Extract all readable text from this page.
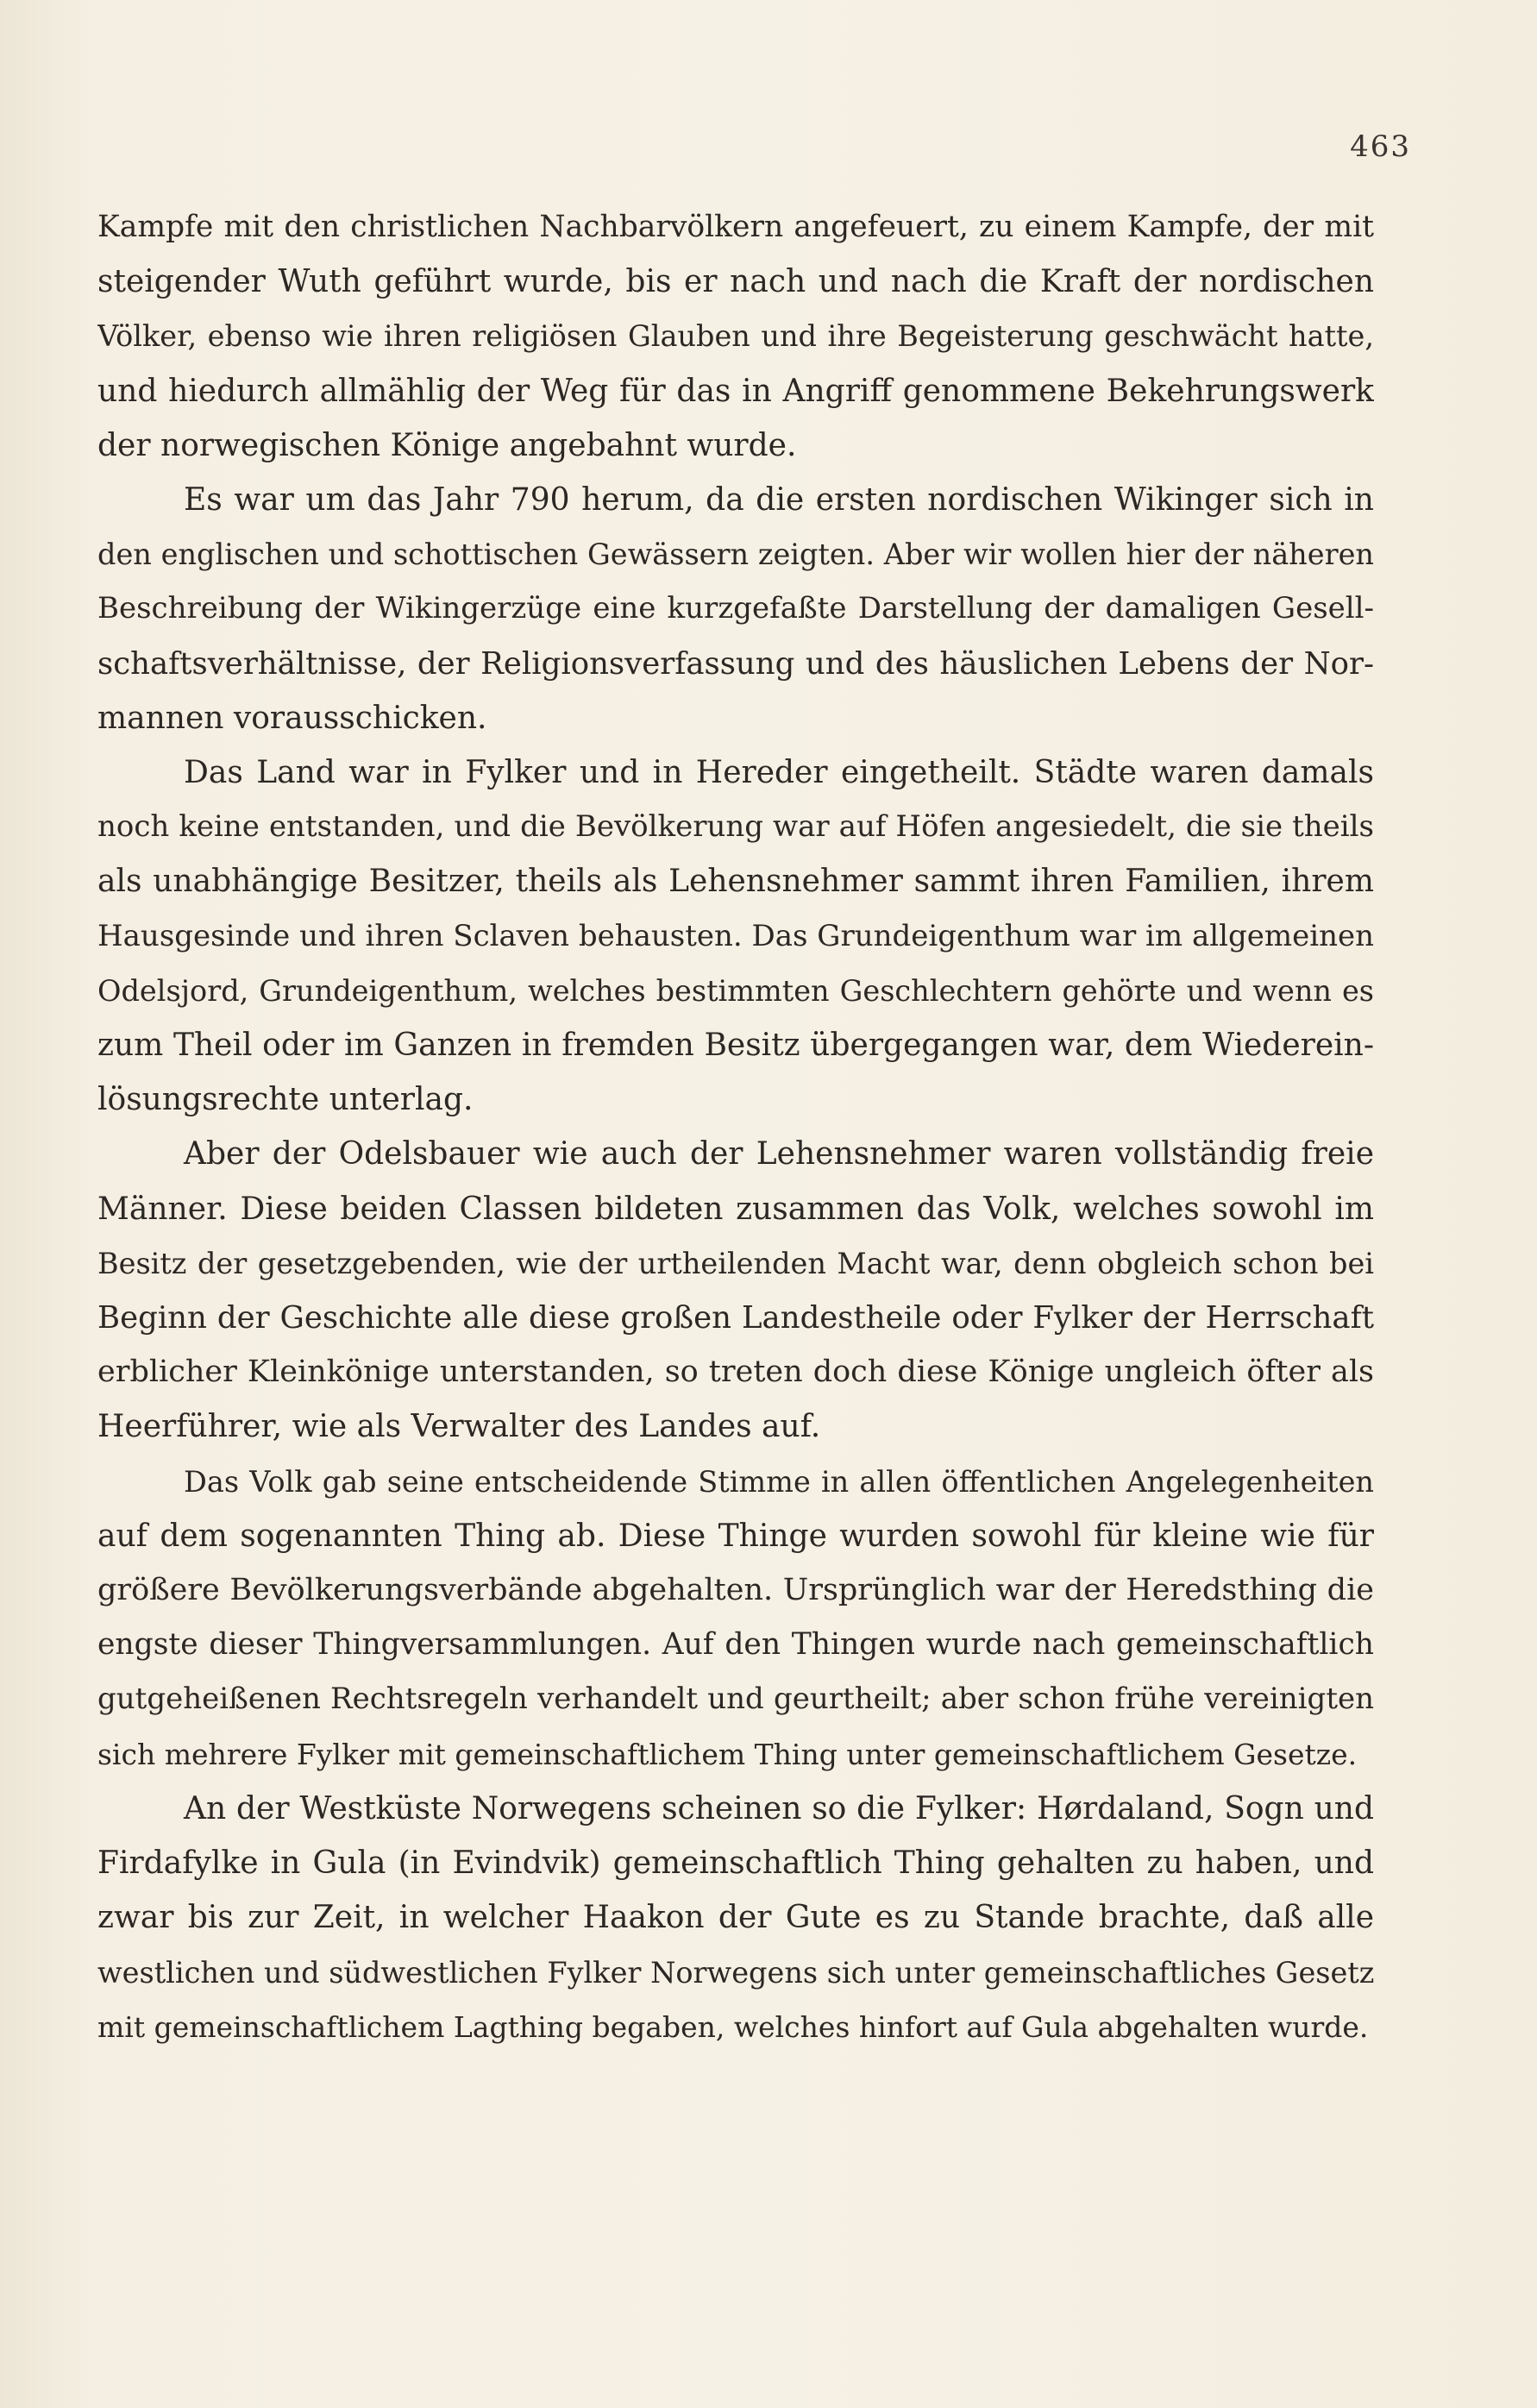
463
Kampfe mit den christlichen Nachbarvölkern angefeuert, zu einem Kampfe, der mit
steigender Wuth geführt wurde, bis er nach und nach die Kraft der nordischen
Völker, ebenso wie ihren religiösen Glauben und ihre Begeisterung geschwächt hatte,
und hiedurch allmählig der Weg für das in Angriff genommene Bekehrungswerk
der norwegischen Könige angebahnt wurde.
Es war um das Jahr 790 herum, da die ersten nordischen Wikinger sich in
den englischen und schottischen Gewässern zeigten. Aber wir wollen hier der näheren
Beschreibung der Wikingerzüge eine kurzgefaßte Darstellung der damaligen Gesell-
schaftsverhältnisse, der Religionsverfassung und des häuslichen Lebens der Nor-
mannen vorausschicken.
Das Land war in Fylker und in Hereder eingetheilt. Städte waren damals
noch keine entstanden, und die Bevölkerung war auf Höfen angesiedelt, die sie theils
als unabhängige Besitzer, theils als Lehensnehmer sammt ihren Familien, ihrem
Hausgesinde und ihren Sclaven behausten. Das Grundeigenthum war im allgemeinen
Odelsjord, Grundeigenthum, welches bestimmten Geschlechtern gehörte und wenn es
zum Theil oder im Ganzen in fremden Besitz übergegangen war, dem Wiederein-
lösungsrechte unterlag.
Aber der Odelsbauer wie auch der Lehensnehmer waren vollständig freie
Männer. Diese beiden Classen bildeten zusammen das Volk, welches sowohl im
Besitz der gesetzgebenden, wie der urtheilenden Macht war, denn obgleich schon bei
Beginn der Geschichte alle diese großen Landestheile oder Fylker der Herrschaft
erblicher Kleinkönige unterstanden, so treten doch diese Könige ungleich öfter als
Heerführer, wie als Verwalter des Landes auf.
Das Volk gab seine entscheidende Stimme in allen öffentlichen Angelegenheiten
auf dem sogenannten Thing ab. Diese Thinge wurden sowohl für kleine wie für
größere Bevölkerungsverbände abgehalten. Ursprünglich war der Heredsthing die
engste dieser Thingversammlungen. Auf den Thingen wurde nach gemeinschaftlich
gutgeheißenen Rechtsregeln verhandelt und geurtheilt; aber schon frühe vereinigten
sich mehrere Fylker mit gemeinschaftlichem Thing unter gemeinschaftlichem Gesetze.
An der Westküste Norwegens scheinen so die Fylker: Hørdaland, Sogn und
Firdafylke in Gula (in Evindvik) gemeinschaftlich Thing gehalten zu haben, und
zwar bis zur Zeit, in welcher Haakon der Gute es zu Stande brachte, daß alle
westlichen und südwestlichen Fylker Norwegens sich unter gemeinschaftliches Gesetz
mit gemeinschaftlichem Lagthing begaben, welches hinfort auf Gula abgehalten wurde.
